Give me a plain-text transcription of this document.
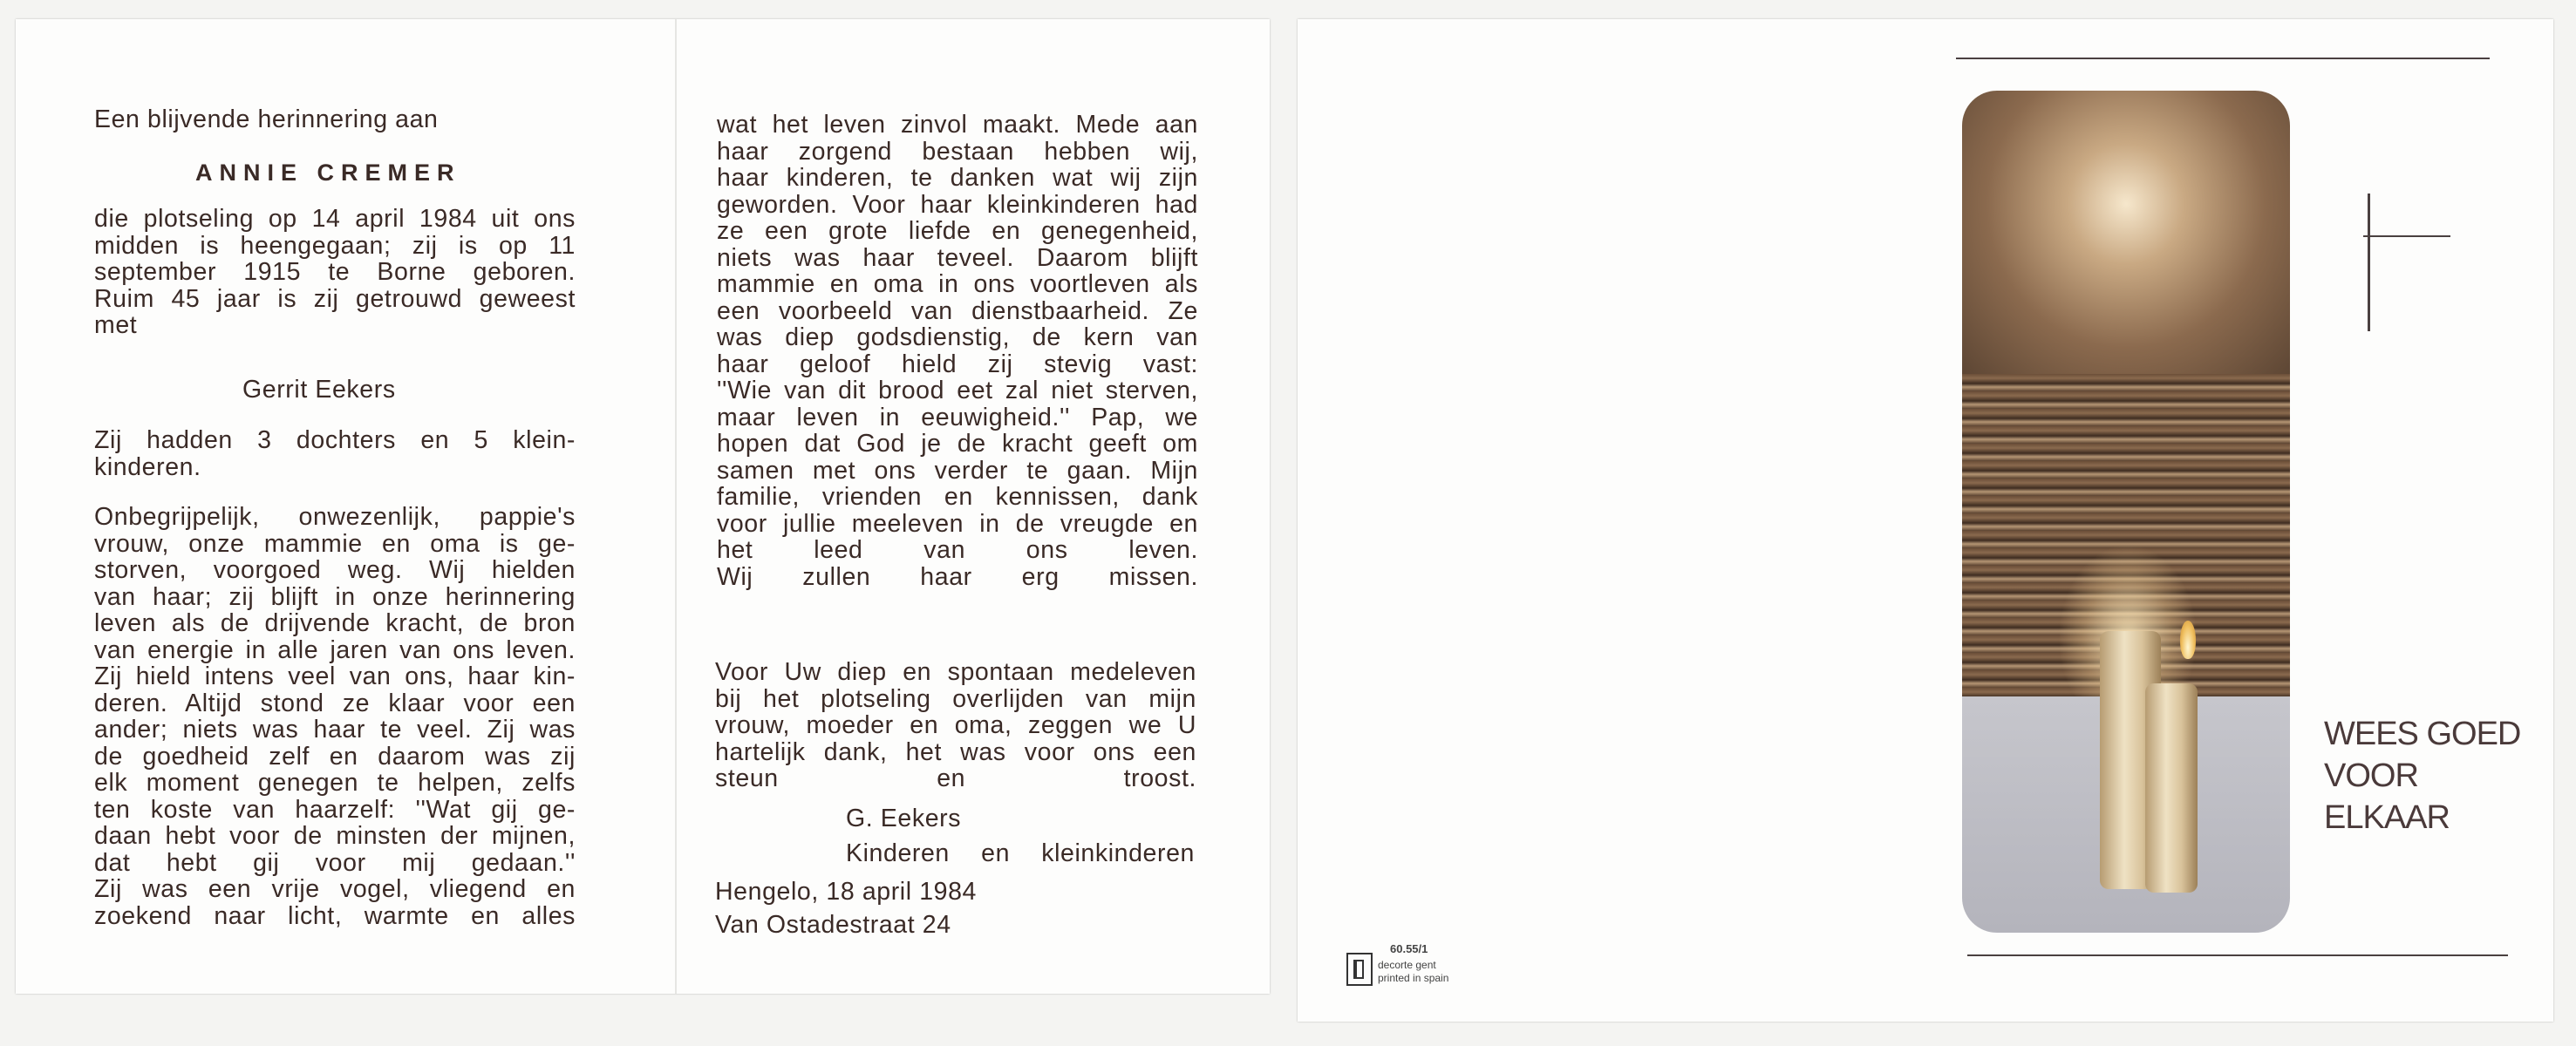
Een blijvende herinnering aan
ANNIE CREMER
die plotseling op 14 april 1984 uit ons
midden is heengegaan; zij is op 11
september 1915 te Borne geboren.
Ruim 45 jaar is zij getrouwd geweest
met
Gerrit Eekers
Zij hadden 3 dochters en 5 klein-
kinderen.
Onbegrijpelijk, onwezenlijk, pappie's
vrouw, onze mammie en oma is ge-
storven, voorgoed weg. Wij hielden
van haar; zij blijft in onze herinnering
leven als de drijvende kracht, de bron
van energie in alle jaren van ons leven.
Zij hield intens veel van ons, haar kin-
deren. Altijd stond ze klaar voor een
ander; niets was haar te veel. Zij was
de goedheid zelf en daarom was zij
elk moment genegen te helpen, zelfs
ten koste van haarzelf: ''Wat gij ge-
daan hebt voor de minsten der mijnen,
dat hebt gij voor mij gedaan.''
Zij was een vrije vogel, vliegend en
zoekend naar licht, warmte en alles
wat het leven zinvol maakt. Mede aan
haar zorgend bestaan hebben wij,
haar kinderen, te danken wat wij zijn
geworden. Voor haar kleinkinderen had
ze een grote liefde en genegenheid,
niets was haar teveel. Daarom blijft
mammie en oma in ons voortleven als
een voorbeeld van dienstbaarheid. Ze
was diep godsdienstig, de kern van
haar geloof hield zij stevig vast:
''Wie van dit brood eet zal niet sterven,
maar leven in eeuwigheid.'' Pap, we
hopen dat God je de kracht geeft om
samen met ons verder te gaan. Mijn
familie, vrienden en kennissen, dank
voor jullie meeleven in de vreugde en
het leed van ons leven.
Wij zullen haar erg missen.
Voor Uw diep en spontaan medeleven
bij het plotseling overlijden van mijn
vrouw, moeder en oma, zeggen we U
hartelijk dank, het was voor ons een
steun en troost.
G. Eekers
Kinderen en kleinkinderen
Hengelo, 18 april 1984
Van Ostadestraat 24
WEES GOED
VOOR
ELKAAR
60.55/1
decorte gent
printed in spain
